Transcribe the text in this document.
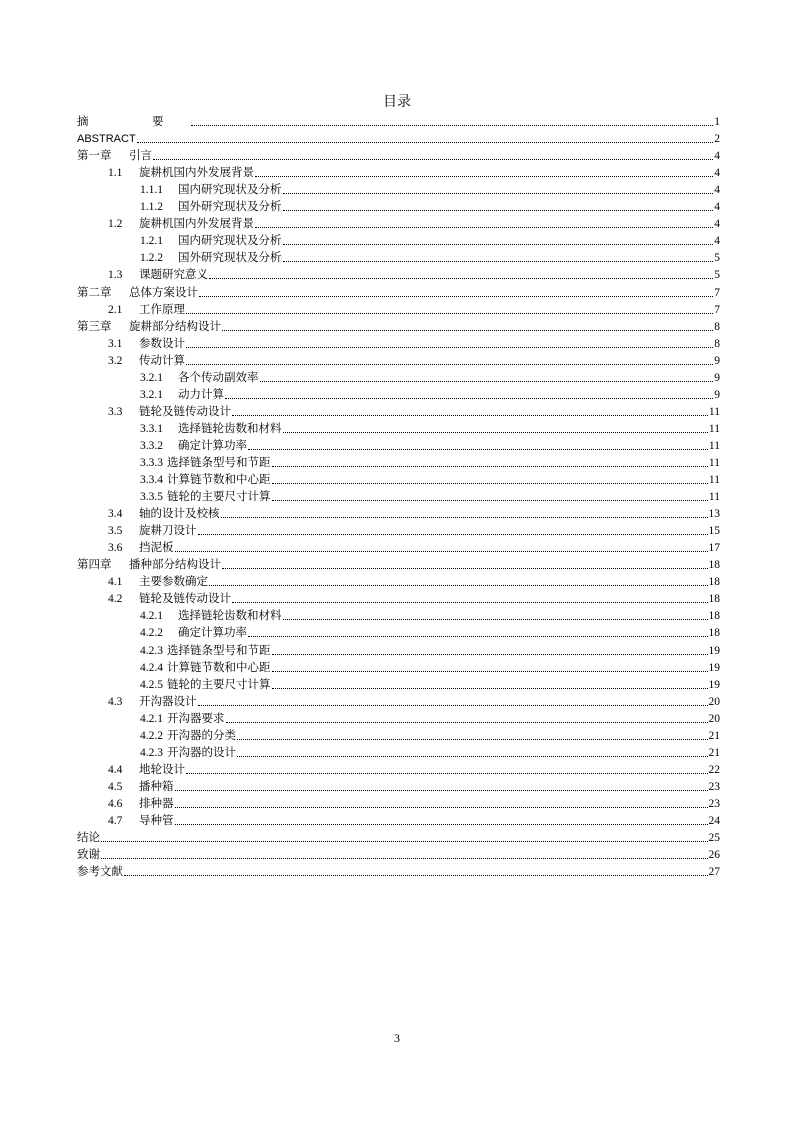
目录
摘　要	1
ABSTRACT	2
第一章	引言	4
1.1	旋耕机国内外发展背景	4
1.1.1	国内研究现状及分析	4
1.1.2	国外研究现状及分析	4
1.2	旋耕机国内外发展背景	4
1.2.1	国内研究现状及分析	4
1.2.2	国外研究现状及分析	5
1.3	课题研究意义	5
第二章	总体方案设计	7
2.1	工作原理	7
第三章	旋耕部分结构设计	8
3.1	参数设计	8
3.2	传动计算	9
3.2.1	各个传动副效率	9
3.2.1	动力计算	9
3.3	链轮及链传动设计	11
3.3.1	选择链轮齿数和材料	11
3.3.2	确定计算功率	11
3.3.3 选择链条型号和节距	11
3.3.4 计算链节数和中心距	11
3.3.5 链轮的主要尺寸计算	11
3.4	轴的设计及校核	13
3.5	旋耕刀设计	15
3.6	挡泥板	17
第四章	播种部分结构设计	18
4.1	主要参数确定	18
4.2	链轮及链传动设计	18
4.2.1	选择链轮齿数和材料	18
4.2.2	确定计算功率	18
4.2.3 选择链条型号和节距	19
4.2.4 计算链节数和中心距	19
4.2.5 链轮的主要尺寸计算	19
4.3	开沟器设计	20
4.2.1 开沟器要求	20
4.2.2 开沟器的分类	21
4.2.3 开沟器的设计	21
4.4	地轮设计	22
4.5	播种箱	23
4.6	排种器	23
4.7	导种管	24
结论	25
致谢	26
参考文献	27
3
